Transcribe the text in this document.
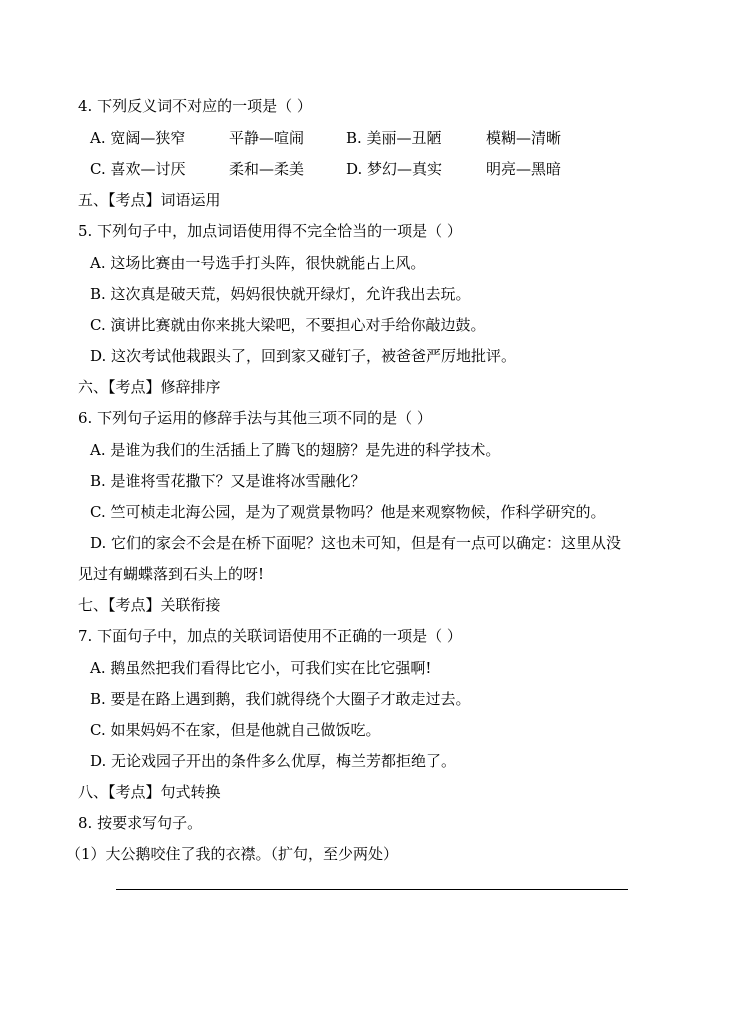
4. 下列反义词不对应的一项是（ ）
A. 宽阔—狭窄	平静—喧闹	B. 美丽—丑陋	模糊—清晰
C. 喜欢—讨厌	柔和—柔美	D. 梦幻—真实	明亮—黑暗
五、【考点】词语运用
5. 下列句子中，加点词语使用得不完全恰当的一项是（ ）
A. 这场比赛由一号选手打头阵，很快就能占上风。
B. 这次真是破天荒，妈妈很快就开绿灯，允许我出去玩。
C. 演讲比赛就由你来挑大梁吧，不要担心对手给你敲边鼓。
D. 这次考试他栽跟头了，回到家又碰钉子，被爸爸严厉地批评。
六、【考点】修辞排序
6. 下列句子运用的修辞手法与其他三项不同的是（ ）
A. 是谁为我们的生活插上了腾飞的翅膀？是先进的科学技术。
B. 是谁将雪花撒下？又是谁将冰雪融化？
C. 竺可桢走北海公园，是为了观赏景物吗？他是来观察物候，作科学研究的。
D. 它们的家会不会是在桥下面呢？这也未可知，但是有一点可以确定：这里从没
见过有蝴蝶落到石头上的呀!
七、【考点】关联衔接
7. 下面句子中，加点的关联词语使用不正确的一项是（ ）
A. 鹅虽然把我们看得比它小，可我们实在比它强啊!
B. 要是在路上遇到鹅，我们就得绕个大圈子才敢走过去。
C. 如果妈妈不在家，但是他就自己做饭吃。
D. 无论戏园子开出的条件多么优厚，梅兰芳都拒绝了。
八、【考点】句式转换
8. 按要求写句子。
（1）大公鹅咬住了我的衣襟。（扩句，至少两处）
